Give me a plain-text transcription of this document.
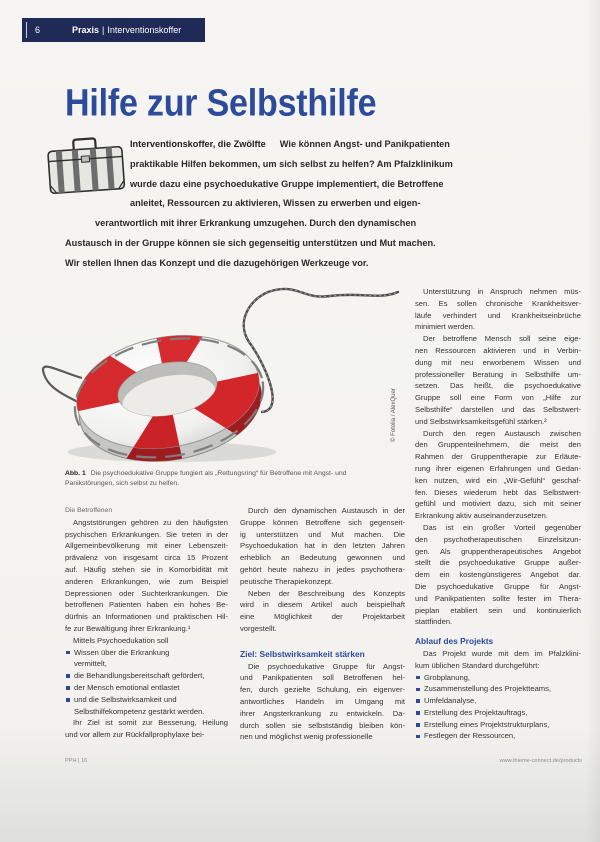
6	Praxis | Interventionskoffer
Hilfe zur Selbsthilfe
Interventionskoffer, die Zwölfte Wie können Angst- und Panikpatienten
praktikable Hilfen bekommen, um sich selbst zu helfen? Am Pfalzklinikum
wurde dazu eine psychoedukative Gruppe implementiert, die Betroffene
anleitet, Ressourcen zu aktivieren, Wissen zu erwerben und eigen-
verantwortlich mit ihrer Erkrankung umzugehen. Durch den dynamischen
Austausch in der Gruppe können sie sich gegenseitig unterstützen und Mut machen.
Wir stellen Ihnen das Konzept und die dazugehörigen Werkzeuge vor.
© Fotolia / AlexQuer
Abb. 1 Die psychoedukative Gruppe fungiert als „Rettungsring“ für Betroffene mit Angst- und
Panikstörungen, sich selbst zu helfen.
Die Betroffenen
Angststörungen gehören zu den häufigsten
psychischen Erkrankungen. Sie treten in der
Allgemeinbevölkerung mit einer Lebenszeit-
prävalenz von insgesamt circa 15 Prozent
auf. Häufig stehen sie in Komorbidität mit
anderen Erkrankungen, wie zum Beispiel
Depressionen oder Suchterkrankungen. Die
betroffenen Patienten haben ein hohes Be-
dürfnis an Informationen und praktischen Hil-
fe zur Bewältigung ihrer Erkrankung.¹
Mittels Psychoedukation soll
Wissen über die Erkrankung
vermittelt,
die Behandlungsbereitschaft gefördert,
der Mensch emotional entlastet
und die Selbstwirksamkeit und
Selbsthilfekompetenz gestärkt werden.
Ihr Ziel ist somit zur Besserung, Heilung
und vor allem zur Rückfallprophylaxe bei-
Durch den dynamischen Austausch in der
Gruppe können Betroffene sich gegenseit-
ig unterstützen und Mut machen. Die
Psychoedukation hat in den letzten Jahren
erheblich an Bedeutung gewonnen und
gehört heute nahezu in jedes psychothera-
peutische Therapiekonzept.
Neben der Beschreibung des Konzepts
wird in diesem Artikel auch beispielhaft
eine Möglichkeit der Projektarbeit
vorgestellt.
Ziel: Selbstwirksamkeit stärken
Die psychoedukative Gruppe für Angst-
und Panikpatienten soll Betroffenen hel-
fen, durch gezielte Schulung, ein eigenver-
antwortliches Handeln im Umgang mit
ihrer Angsterkrankung zu entwickeln. Da-
durch sollen sie selbstständig bleiben kön-
nen und möglichst wenig professionelle
Unterstützung in Anspruch nehmen müs-
sen. Es sollen chronische Krankheitsver-
läufe verhindert und Krankheitseinbrüche
minimiert werden.
Der betroffene Mensch soll seine eige-
nen Ressourcen aktivieren und in Verbin-
dung mit neu erworbenem Wissen und
professioneller Beratung in Selbsthilfe um-
setzen. Das heißt, die psychoedukative
Gruppe soll eine Form von „Hilfe zur
Selbsthilfe“ darstellen und das Selbstwert-
und Selbstwirksamkeitsgefühl stärken.²
Durch den regen Austausch zwischen
den Gruppenteilnehmern, die meist den
Rahmen der Gruppentherapie zur Erläute-
rung ihrer eigenen Erfahrungen und Gedan-
ken nutzen, wird ein „Wir-Gefühl“ geschaf-
fen. Dieses wiederum hebt das Selbstwert-
gefühl und motiviert dazu, sich mit seiner
Erkrankung aktiv auseinanderzusetzen.
Das ist ein großer Vorteil gegenüber
den psychotherapeutischen Einzelsitzun-
gen. Als gruppentherapeutisches Angebot
stellt die psychoedukative Gruppe außer-
dem ein kostengünstigeres Angebot dar.
Die psychoedukative Gruppe für Angst-
und Panikpatienten sollte fester im Thera-
pieplan etabliert sein und kontinuierlich
stattfinden.
Ablauf des Projekts
Das Projekt wurde mit dem im Pfalzklini-
kum üblichen Standard durchgeführt:
Grobplanung,
Zusammenstellung des Projektteams,
Umfeldanalyse,
Erstellung des Projektauftrags,
Erstellung eines Projektstrukturplans,
Festlegen der Ressourcen,
PPH | 16	www.thieme-connect.de/products
